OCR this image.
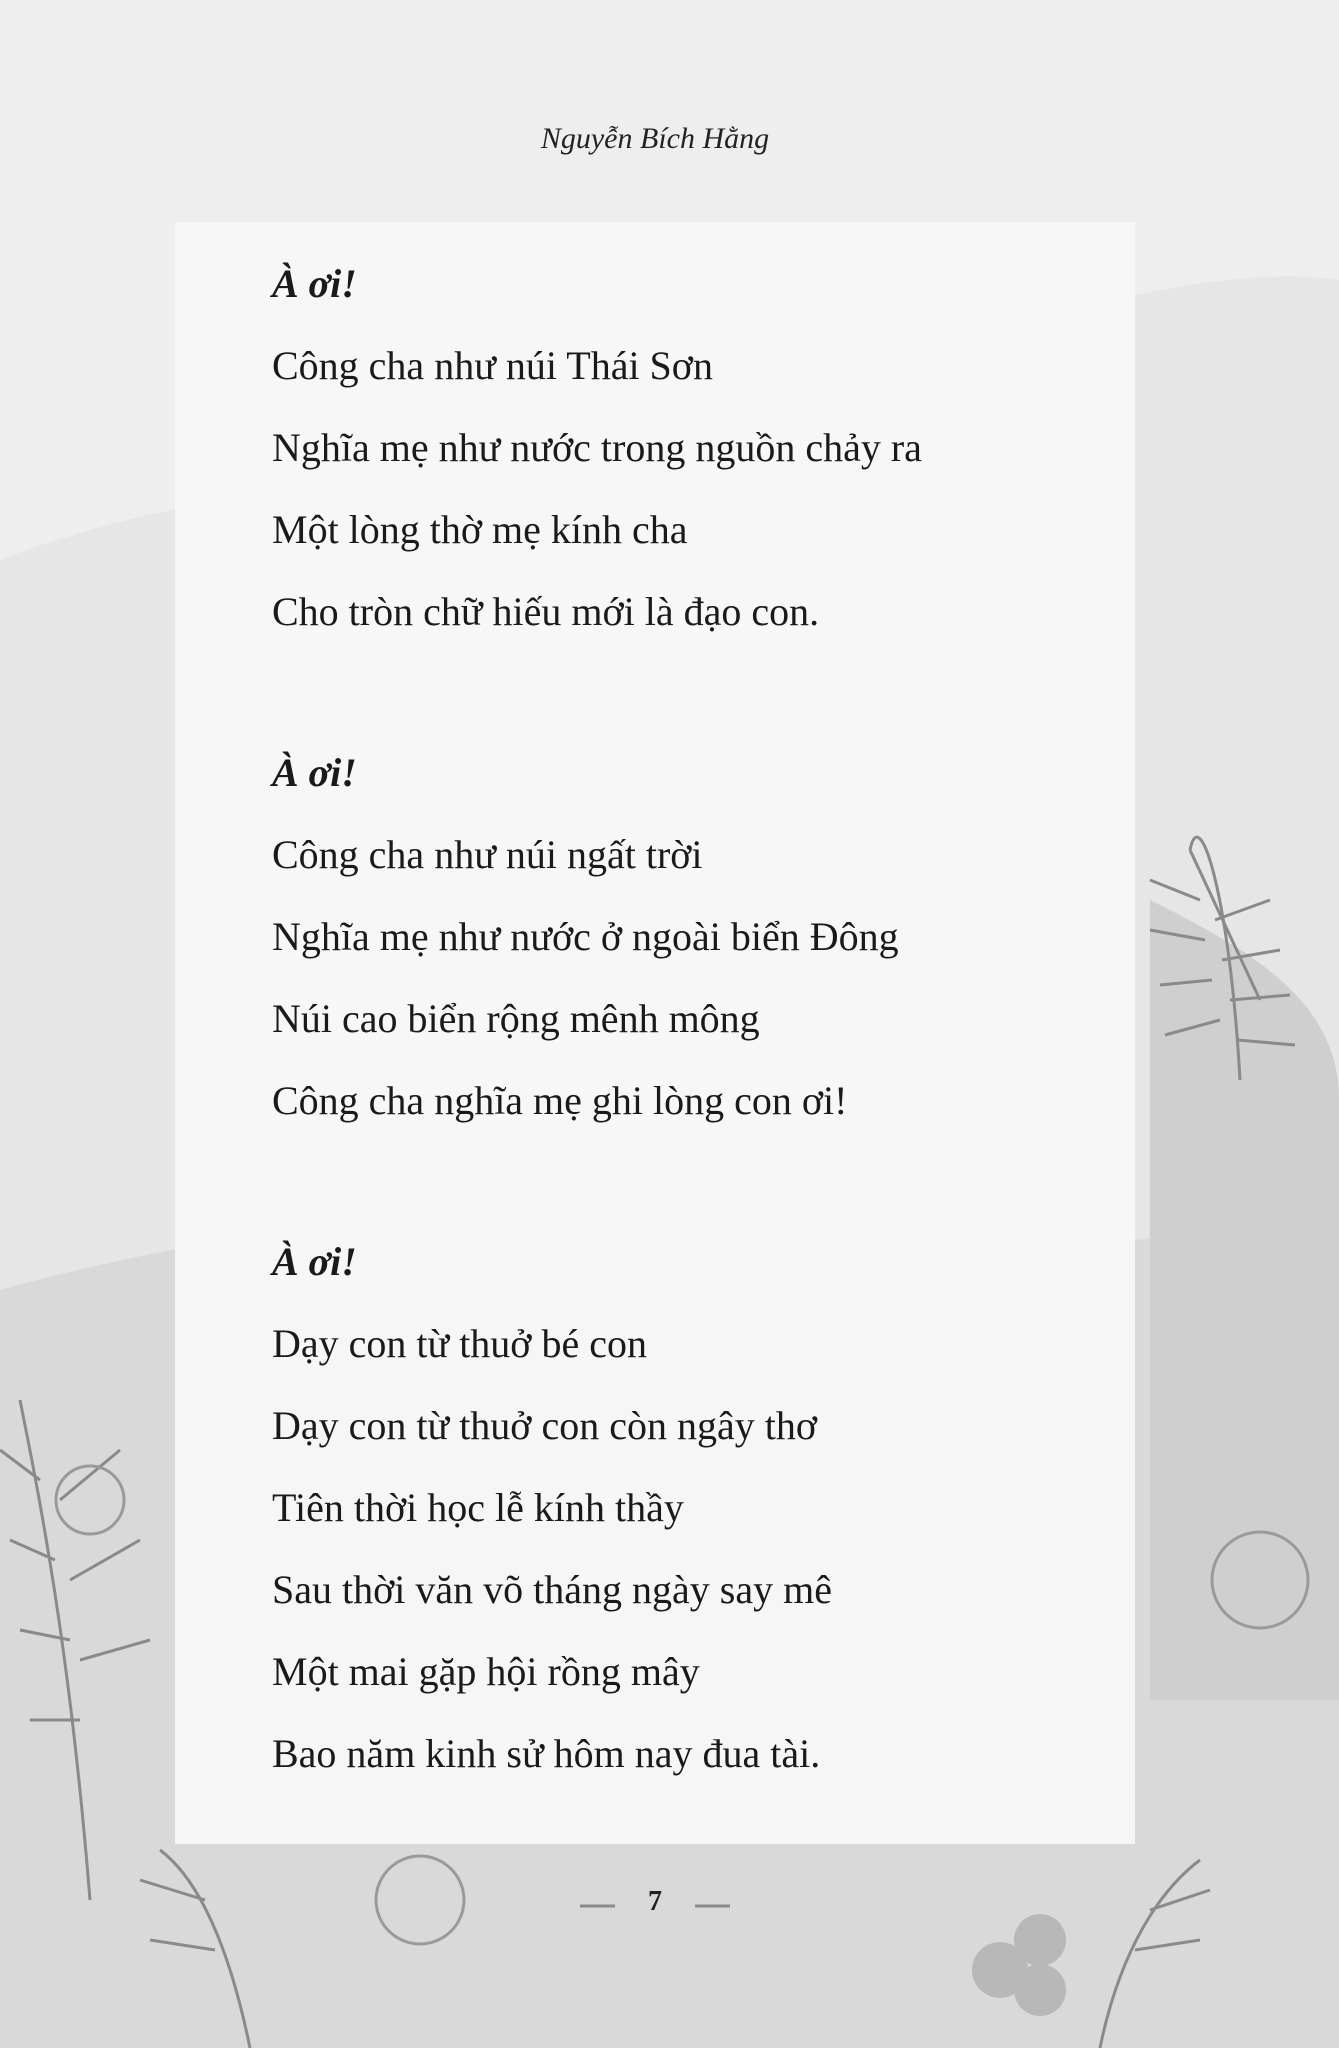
Nguyễn Bích Hằng
À ơi!
Công cha như núi Thái Sơn
Nghĩa mẹ như nước trong nguồn chảy ra
Một lòng thờ mẹ kính cha
Cho tròn chữ hiếu mới là đạo con.
À ơi!
Công cha như núi ngất trời
Nghĩa mẹ như nước ở ngoài biển Đông
Núi cao biển rộng mênh mông
Công cha nghĩa mẹ ghi lòng con ơi!
À ơi!
Dạy con từ thuở bé con
Dạy con từ thuở con còn ngây thơ
Tiên thời học lễ kính thầy
Sau thời văn võ tháng ngày say mê
Một mai gặp hội rồng mây
Bao năm kinh sử hôm nay đua tài.
7
